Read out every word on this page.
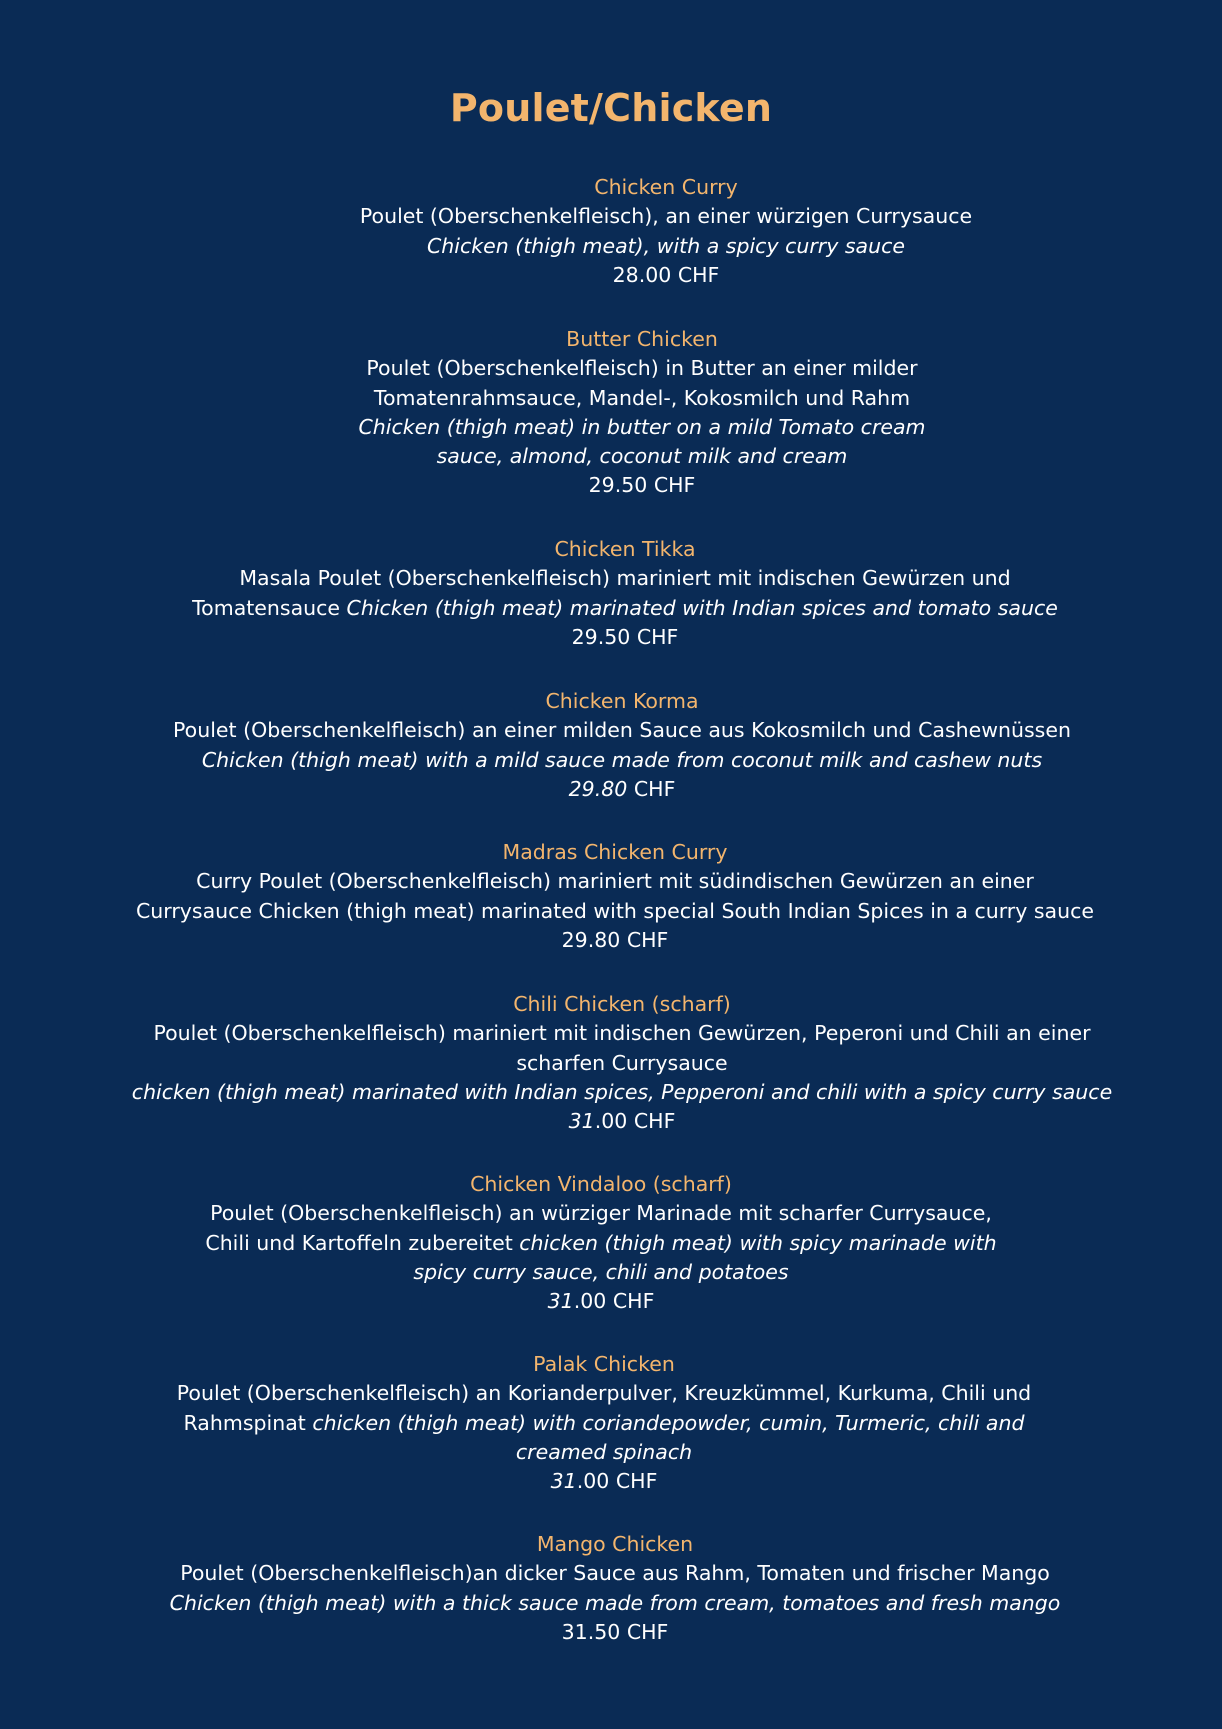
Poulet/Chicken
Chicken Curry
Poulet (Oberschenkelfleisch), an einer würzigen Currysauce
Chicken (thigh meat), with a spicy curry sauce
28.00 CHF
Butter Chicken
Poulet (Oberschenkelfleisch) in Butter an einer milder
Tomatenrahmsauce, Mandel-, Kokosmilch und Rahm
Chicken (thigh meat) in butter on a mild Tomato cream
sauce, almond, coconut milk and cream
29.50 CHF
Chicken Tikka
Masala Poulet (Oberschenkelfleisch) mariniert mit indischen Gewürzen und
Tomatensauce Chicken (thigh meat) marinated with Indian spices and tomato sauce
29.50 CHF
Chicken Korma
Poulet (Oberschenkelfleisch) an einer milden Sauce aus Kokosmilch und Cashewnüssen
Chicken (thigh meat) with a mild sauce made from coconut milk and cashew nuts
29.80 CHF
Madras Chicken Curry
Curry Poulet (Oberschenkelfleisch) mariniert mit südindischen Gewürzen an einer
Currysauce Chicken (thigh meat) marinated with special South Indian Spices in a curry sauce
29.80 CHF
Chili Chicken (scharf)
Poulet (Oberschenkelfleisch) mariniert mit indischen Gewürzen, Peperoni und Chili an einer
scharfen Currysauce
chicken (thigh meat) marinated with Indian spices, Pepperoni and chili with a spicy curry sauce
31.00 CHF
Chicken Vindaloo (scharf)
Poulet (Oberschenkelfleisch) an würziger Marinade mit scharfer Currysauce,
Chili und Kartoffeln zubereitet chicken (thigh meat) with spicy marinade with
spicy curry sauce, chili and potatoes
31.00 CHF
Palak Chicken
Poulet (Oberschenkelfleisch) an Korianderpulver, Kreuzkümmel, Kurkuma, Chili und
Rahmspinat chicken (thigh meat) with coriandepowder, cumin, Turmeric, chili and
creamed spinach
31.00 CHF
Mango Chicken
Poulet (Oberschenkelfleisch)an dicker Sauce aus Rahm, Tomaten und frischer Mango
Chicken (thigh meat) with a thick sauce made from cream, tomatoes and fresh mango
31.50 CHF
